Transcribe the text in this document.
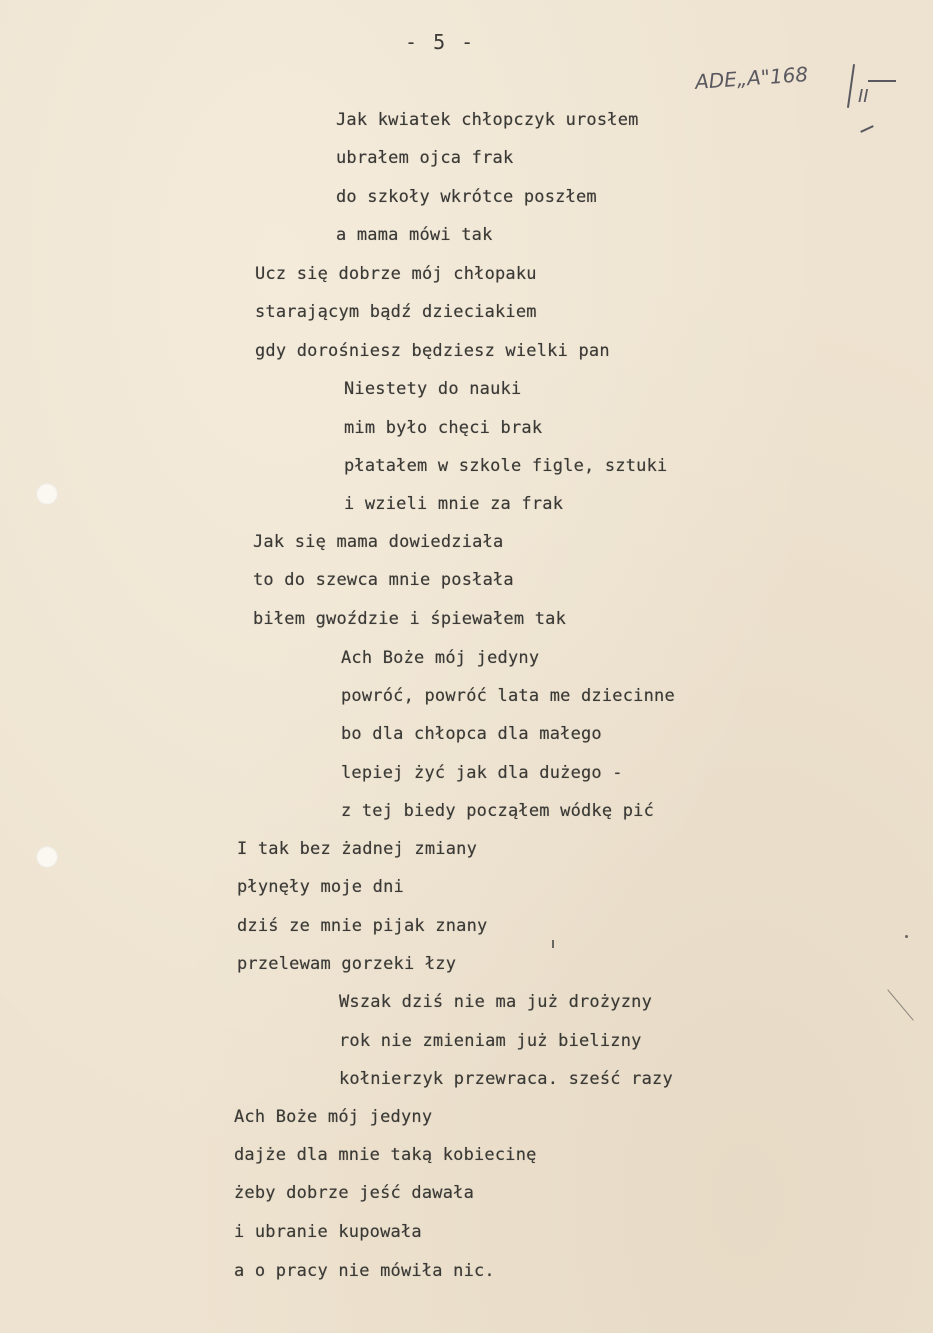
- 5 -
ADE„A"168
II
Jak kwiatek chłopczyk urosłem
ubrałem ojca frak
do szkoły wkrótce poszłem
a mama mówi tak
Ucz się dobrze mój chłopaku
starającym bądź dzieciakiem
gdy dorośniesz będziesz wielki pan
Niestety do nauki
mim było chęci brak
płatałem w szkole figle, sztuki
i wzieli mnie za frak
Jak się mama dowiedziała
to do szewca mnie posłała
biłem gwoździe i śpiewałem tak
Ach Boże mój jedyny
powróć, powróć lata me dziecinne
bo dla chłopca dla małego
lepiej żyć jak dla dużego -
z tej biedy począłem wódkę pić
I tak bez żadnej zmiany
płynęły moje dni
dziś ze mnie pijak znany
przelewam gorzeki łzy
Wszak dziś nie ma już drożyzny
rok nie zmieniam już bielizny
kołnierzyk przewraca. sześć razy
Ach Boże mój jedyny
dajże dla mnie taką kobiecinę
żeby dobrze jeść dawała
i ubranie kupowała
a o pracy nie mówiła nic.
